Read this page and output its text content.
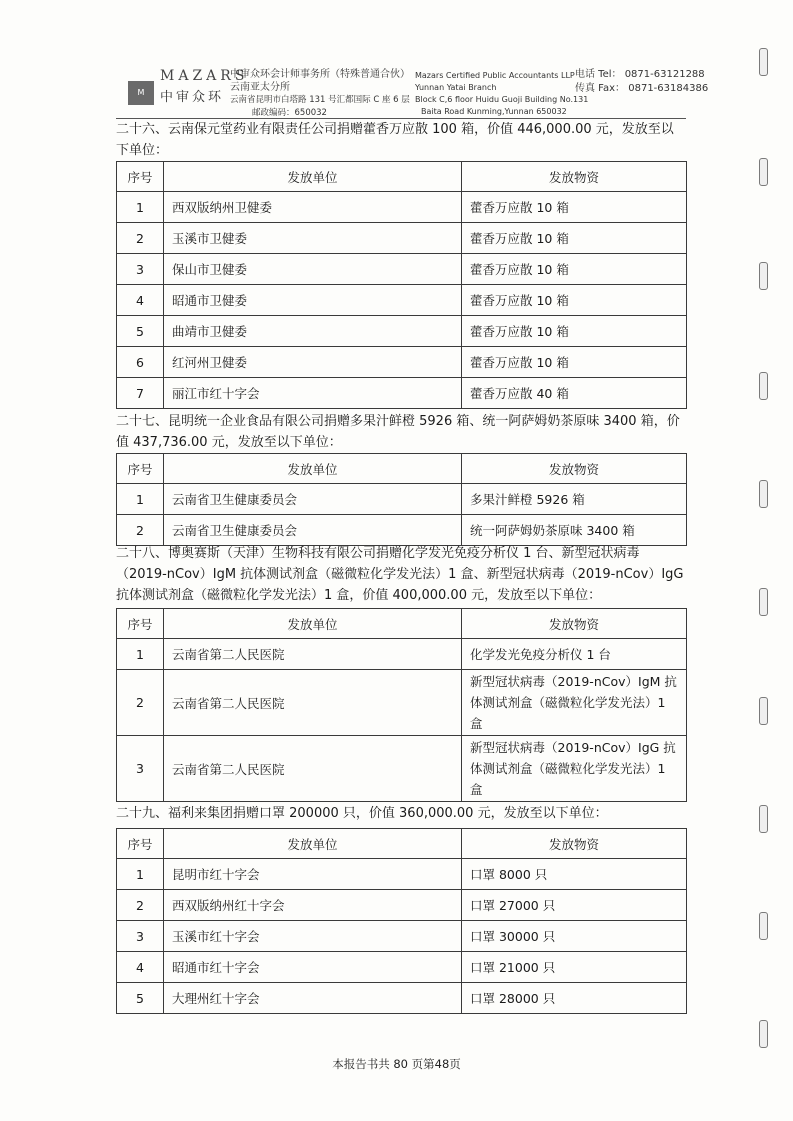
M
MAZARS
中审众环
中审众环会计师事务所（特殊普通合伙）
云南亚太分所
云南省昆明市白塔路 131 号汇都国际 C 座 6 层
邮政编码：650032
Mazars Certified Public Accountants LLP
Yunnan Yatai Branch
Block C,6 floor Huidu Guoji Building No.131
Baita Road Kunming,Yunnan 650032
电话 Tel： 0871-63121288
传真 Fax： 0871-63184386
二十六、云南保元堂药业有限责任公司捐赠藿香万应散 100 箱，价值 446,000.00 元，发放至以下单位：
序号	发放单位	发放物资
1	西双版纳州卫健委	藿香万应散 10 箱
2	玉溪市卫健委	藿香万应散 10 箱
3	保山市卫健委	藿香万应散 10 箱
4	昭通市卫健委	藿香万应散 10 箱
5	曲靖市卫健委	藿香万应散 10 箱
6	红河州卫健委	藿香万应散 10 箱
7	丽江市红十字会	藿香万应散 40 箱
二十七、昆明统一企业食品有限公司捐赠多果汁鲜橙 5926 箱、统一阿萨姆奶茶原味 3400 箱，价值 437,736.00 元，发放至以下单位：
序号	发放单位	发放物资
1	云南省卫生健康委员会	多果汁鲜橙 5926 箱
2	云南省卫生健康委员会	统一阿萨姆奶茶原味 3400 箱
二十八、博奥赛斯（天津）生物科技有限公司捐赠化学发光免疫分析仪 1 台、新型冠状病毒（2019-nCov）IgM 抗体测试剂盒（磁微粒化学发光法）1 盒、新型冠状病毒（2019-nCov）IgG 抗体测试剂盒（磁微粒化学发光法）1 盒，价值 400,000.00 元，发放至以下单位：
序号	发放单位	发放物资
1	云南省第二人民医院	化学发光免疫分析仪 1 台
2	云南省第二人民医院	新型冠状病毒（2019-nCov）IgM 抗体测试剂盒（磁微粒化学发光法）1 盒
3	云南省第二人民医院	新型冠状病毒（2019-nCov）IgG 抗体测试剂盒（磁微粒化学发光法）1 盒
二十九、福利来集团捐赠口罩 200000 只，价值 360,000.00 元，发放至以下单位：
序号	发放单位	发放物资
1	昆明市红十字会	口罩 8000 只
2	西双版纳州红十字会	口罩 27000 只
3	玉溪市红十字会	口罩 30000 只
4	昭通市红十字会	口罩 21000 只
5	大理州红十字会	口罩 28000 只
本报告书共 80 页第48页
